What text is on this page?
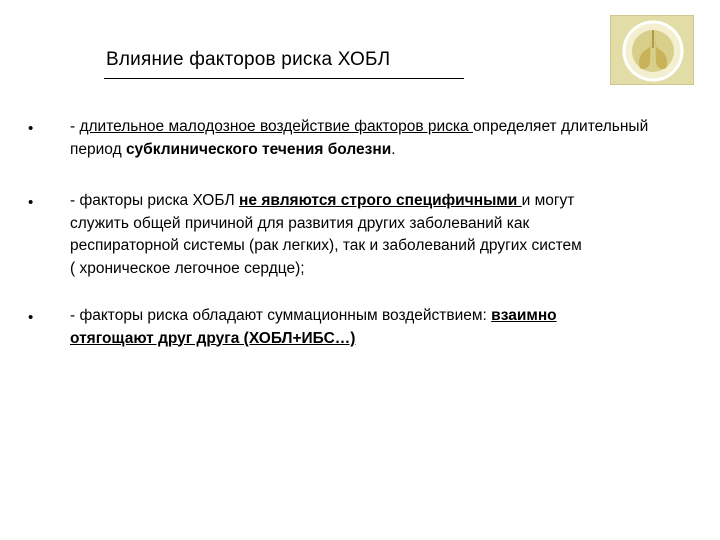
Влияние факторов риска ХОБЛ
• - длительное малодозное воздействие факторов риска определяет длительный период субклинического течения болезни.
• - факторы риска ХОБЛ не являются строго специфичными и могут
служить общей причиной для развития других заболеваний как
респираторной системы (рак легких), так и заболеваний других систем
( хроническое легочное сердце);
• - факторы риска обладают суммационным воздействием: взаимно
отягощают друг друга (ХОБЛ+ИБС…)
